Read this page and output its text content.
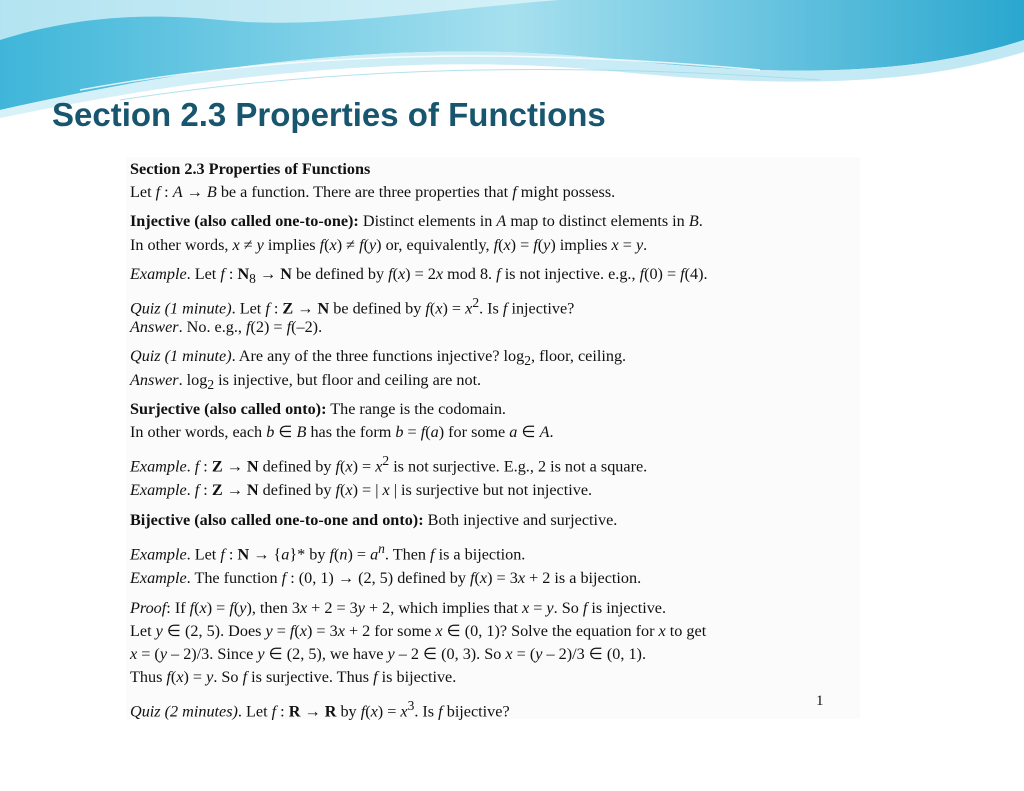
Section 2.3 Properties of Functions

Section 2.3 Properties of Functions

Let f : A → B be a function. There are three properties that f might possess.

Injective (also called one-to-one): Distinct elements in A map to distinct elements in B.

In other words, x ≠ y implies f(x) ≠ f(y) or, equivalently, f(x) = f(y) implies x = y.

Example. Let f : $N_8 \to N$ be defined by f(x) = 2x mod 8. f is not injective. e.g., f(0) = f(4).

Quiz (1 minute). Let f : Z → N be defined by $f(x) = x^2$. Is f injective?

Answer. No. e.g., f(2) = f(–2).

Quiz (1 minute). Are any of the three functions injective? $\log_2$, floor, ceiling.

Answer. $\log_2$ is injective, but floor and ceiling are not.

Surjective (also called onto): The range is the codomain.

In other words, each b ∈ B has the form b = f(a) for some a ∈ A.

Example. f : Z → N defined by $f(x) = x^2$ is not surjective. E.g., 2 is not a square.

Example. f : Z → N defined by f(x) = | x | is surjective but not injective.

Bijective (also called one-to-one and onto): Both injective and surjective.

Example. Let f : N → {a}* by $f(n) = a^n$. Then f is a bijection.

Example. The function f : (0, 1) → (2, 5) defined by f(x) = 3x + 2 is a bijection.

Proof: If f(x) = f(y), then 3x + 2 = 3y + 2, which implies that x = y. So f is injective.

Let y ∈ (2, 5). Does y = f(x) = 3x + 2 for some x ∈ (0, 1)? Solve the equation for x to get

x = (y – 2)/3. Since y ∈ (2, 5), we have y – 2 ∈ (0, 3). So x = (y – 2)/3 ∈ (0, 1).

Thus f(x) = y. So f is surjective. Thus f is bijective.

Quiz (2 minutes). Let f : R → R by $f(x) = x^3$. Is f bijective?

1
